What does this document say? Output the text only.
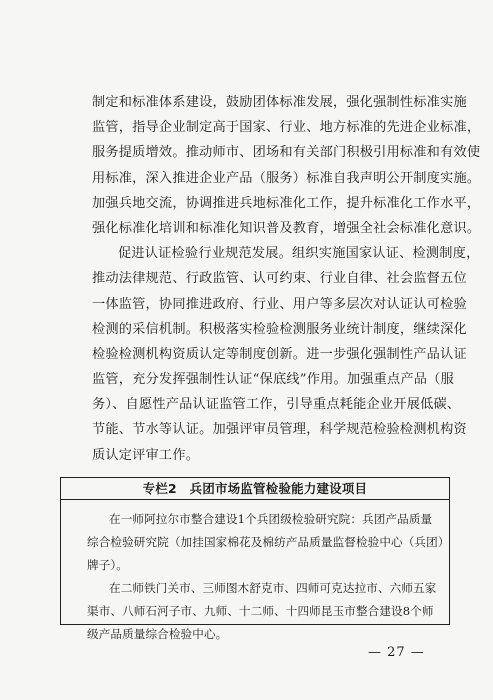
制定和标准体系建设，鼓励团体标准发展，强化强制性标准实施
监管，指导企业制定高于国家、行业、地方标准的先进企业标准，
服务提质增效。推动师市、团场和有关部门积极引用标准和有效使
用标准，深入推进企业产品（服务）标准自我声明公开制度实施。
加强兵地交流，协调推进兵地标准化工作，提升标准化工作水平，
强化标准化培训和标准化知识普及教育，增强全社会标准化意识。
促进认证检验行业规范发展。组织实施国家认证、检测制度，
推动法律规范、行政监管、认可约束、行业自律、社会监督五位
一体监管，协同推进政府、行业、用户等多层次对认证认可检验
检测的采信机制。积极落实检验检测服务业统计制度，继续深化
检验检测机构资质认定等制度创新。进一步强化强制性产品认证
监管，充分发挥强制性认证“保底线”作用。加强重点产品（服
务）、自愿性产品认证监管工作，引导重点耗能企业开展低碳、
节能、节水等认证。加强评审员管理，科学规范检验检测机构资
质认定评审工作。
专栏2　兵团市场监管检验能力建设项目
在一师阿拉尔市整合建设1个兵团级检验研究院：兵团产品质量
综合检验研究院（加挂国家棉花及棉纺产品质量监督检验中心（兵团）
牌子）。
在二师铁门关市、三师图木舒克市、四师可克达拉市、六师五家
渠市、八师石河子市、九师、十二师、十四师昆玉市整合建设8个师
级产品质量综合检验中心。
— 27 —
